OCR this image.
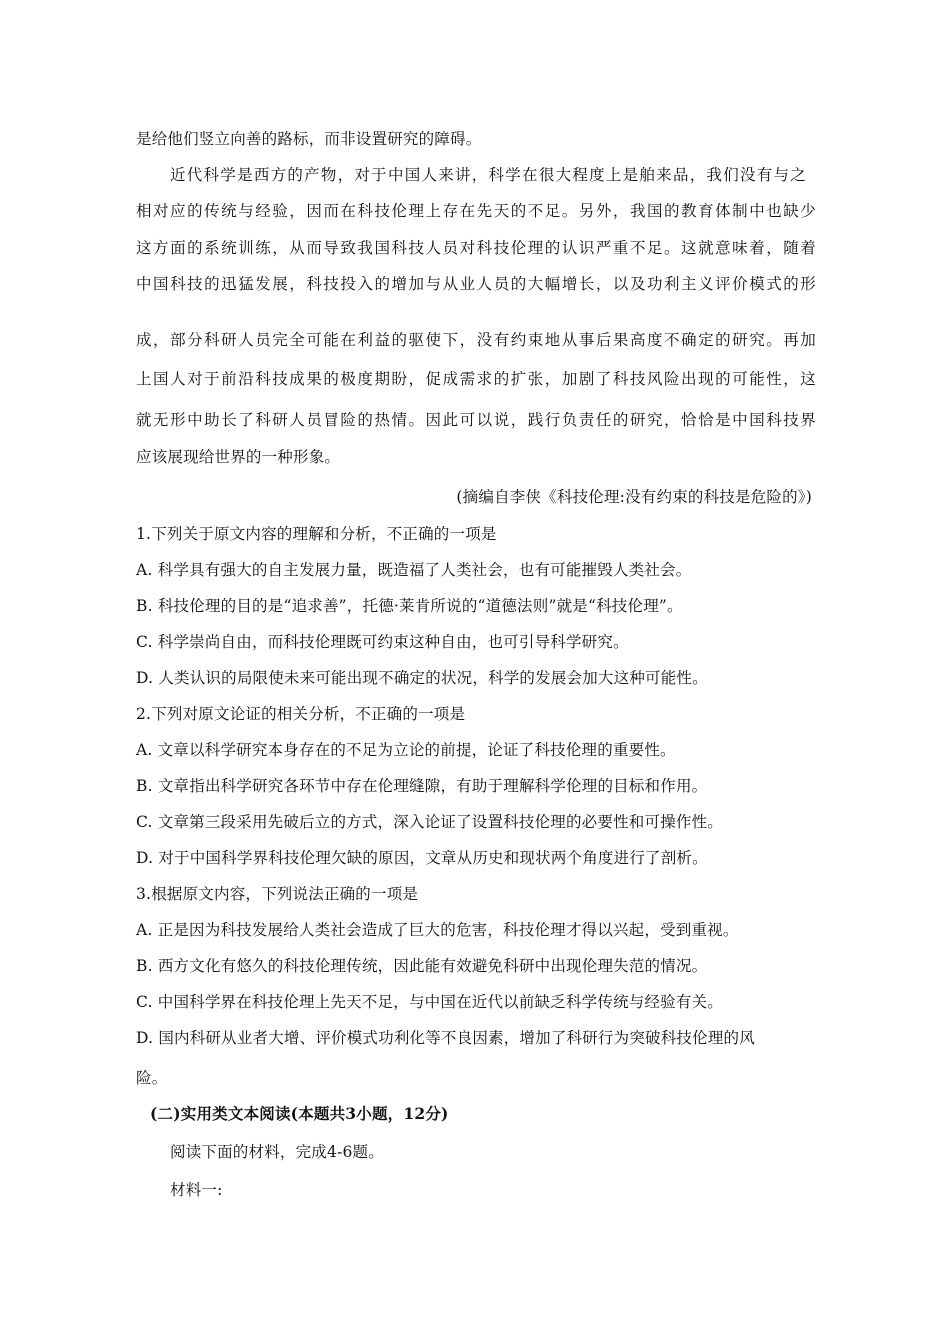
是给他们竖立向善的路标，而非设置研究的障碍。
近代科学是西方的产物，对于中国人来讲，科学在很大程度上是舶来品，我们没有与之
相对应的传统与经验，因而在科技伦理上存在先天的不足。另外，我国的教育体制中也缺少
这方面的系统训练，从而导致我国科技人员对科技伦理的认识严重不足。这就意味着，随着
中国科技的迅猛发展，科技投入的增加与从业人员的大幅增长，以及功利主义评价模式的形
成，部分科研人员完全可能在利益的驱使下，没有约束地从事后果高度不确定的研究。再加
上国人对于前沿科技成果的极度期盼，促成需求的扩张，加剧了科技风险出现的可能性，这
就无形中助长了科研人员冒险的热情。因此可以说，践行负责任的研究，恰恰是中国科技界
应该展现给世界的一种形象。
(摘编自李侠《科技伦理:没有约束的科技是危险的》)
1.下列关于原文内容的理解和分析，不正确的一项是
A. 科学具有强大的自主发展力量，既造福了人类社会，也有可能摧毁人类社会。
B. 科技伦理的目的是“追求善”，托德·莱肯所说的“道德法则”就是“科技伦理”。
C. 科学崇尚自由，而科技伦理既可约束这种自由，也可引导科学研究。
D. 人类认识的局限使未来可能出现不确定的状况，科学的发展会加大这种可能性。
2.下列对原文论证的相关分析，不正确的一项是
A. 文章以科学研究本身存在的不足为立论的前提，论证了科技伦理的重要性。
B. 文章指出科学研究各环节中存在伦理缝隙，有助于理解科学伦理的目标和作用。
C. 文章第三段采用先破后立的方式，深入论证了设置科技伦理的必要性和可操作性。
D. 对于中国科学界科技伦理欠缺的原因，文章从历史和现状两个角度进行了剖析。
3.根据原文内容，下列说法正确的一项是
A. 正是因为科技发展给人类社会造成了巨大的危害，科技伦理才得以兴起，受到重视。
B. 西方文化有悠久的科技伦理传统，因此能有效避免科研中出现伦理失范的情况。
C. 中国科学界在科技伦理上先天不足，与中国在近代以前缺乏科学传统与经验有关。
D. 国内科研从业者大增、评价模式功利化等不良因素，增加了科研行为突破科技伦理的风
险。
(二)实用类文本阅读(本题共3小题，12分)
阅读下面的材料，完成4-6题。
材料一:
